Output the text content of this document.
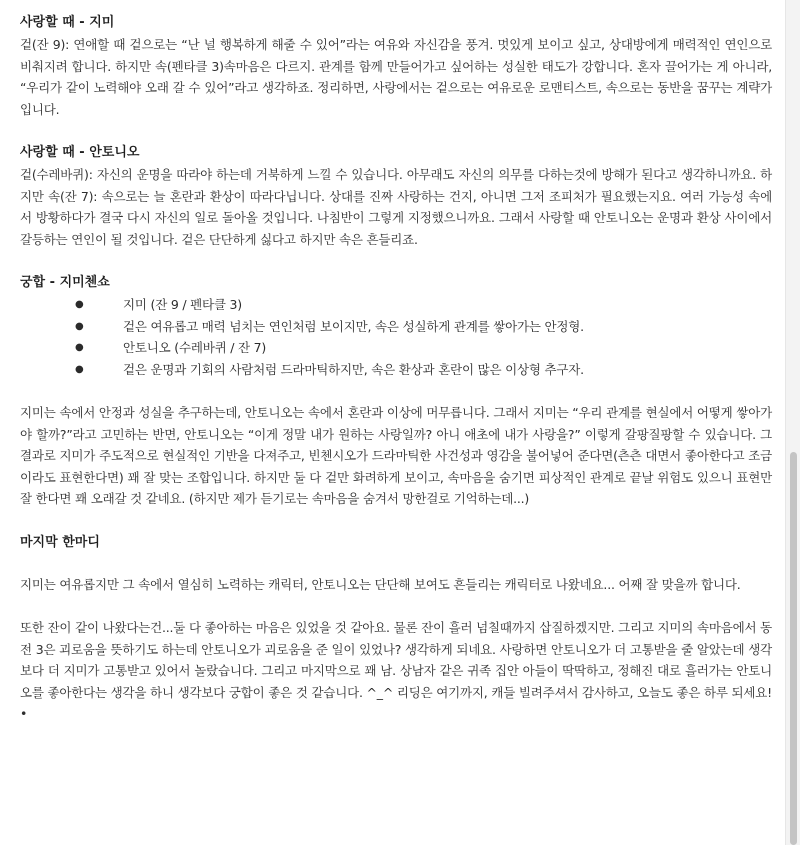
사랑할 때 - 지미

겉(잔 9): 연애할 때 겉으로는 “난 널 행복하게 해줄 수 있어”라는 여유와 자신감을 풍겨. 멋있게 보이고 싶고, 상대방에게 매력적인 연인으로 비춰지려 합니다. 하지만 속(펜타클 3)속마음은 다르지. 관계를 함께 만들어가고 싶어하는 성실한 태도가 강합니다. 혼자 끌어가는 게 아니라, “우리가 같이 노력해야 오래 갈 수 있어”라고 생각하죠. 정리하면, 사랑에서는 겉으로는 여유로운 로맨티스트, 속으로는 동반을 꿈꾸는 계략가입니다.

사랑할 때 - 안토니오

겉(수레바퀴): 자신의 운명을 따라야 하는데 거북하게 느낄 수 있습니다. 아무래도 자신의 의무를 다하는것에 방해가 된다고 생각하니까요. 하지만 속(잔 7): 속으로는 늘 혼란과 환상이 따라다닙니다. 상대를 진짜 사랑하는 건지, 아니면 그저 조피처가 필요했는지요. 여러 가능성 속에서 방황하다가 결국 다시 자신의 일로 돌아올 것입니다. 나침반이 그렇게 지정했으니까요. 그래서 사랑할 때 안토니오는 운명과 환상 사이에서 갈등하는 연인이 될 것입니다. 겉은 단단하게 싫다고 하지만 속은 흔들리죠.

궁합 - 지미첸쇼
●	지미 (잔 9 / 펜타클 3)
●	겉은 여유롭고 매력 넘치는 연인처럼 보이지만, 속은 성실하게 관계를 쌓아가는 안정형.
●	안토니오 (수레바퀴 / 잔 7)
●	겉은 운명과 기회의 사람처럼 드라마틱하지만, 속은 환상과 혼란이 많은 이상형 추구자.

지미는 속에서 안정과 성실을 추구하는데, 안토니오는 속에서 혼란과 이상에 머무릅니다. 그래서 지미는 “우리 관계를 현실에서 어떻게 쌓아가야 할까?”라고 고민하는 반면, 안토니오는 “이게 정말 내가 원하는 사랑일까? 아니 애초에 내가 사랑을?” 이렇게 갈팡질팡할 수 있습니다. 그 결과로 지미가 주도적으로 현실적인 기반을 다져주고, 빈첸시오가 드라마틱한 사건성과 영감을 불어넣어 준다면(츤츤 대면서 좋아한다고 조금이라도 표현한다면) 꽤 잘 맞는 조합입니다. 하지만 둘 다 겉만 화려하게 보이고, 속마음을 숨기면 피상적인 관계로 끝날 위험도 있으니 표현만 잘 한다면 꽤 오래갈 것 같네요. (하지만 제가 듣기로는 속마음을 숨겨서 망한걸로 기억하는데...)

마지막 한마디

지미는 여유롭지만 그 속에서 열심히 노력하는 캐릭터, 안토니오는 단단해 보여도 흔들리는 캐릭터로 나왔네요... 어째 잘 맞을까 합니다.

또한 잔이 같이 나왔다는건...둘 다 좋아하는 마음은 있었을 것 같아요. 물론 잔이 흘러 넘칠때까지 삽질하겠지만. 그리고 지미의 속마음에서 동전 3은 괴로움을 뜻하기도 하는데 안토니오가 괴로움을 준 일이 있었나? 생각하게 되네요. 사랑하면 안토니오가 더 고통받을 줄 알았는데 생각보다 더 지미가 고통받고 있어서 놀랐습니다. 그리고 마지막으로 꽤 남. 상남자 같은 귀족 집안 아들이 딱딱하고, 정해진 대로 흘러가는 안토니오를 좋아한다는 생각을 하니 생각보다 궁합이 좋은 것 같습니다. ^_^ 리딩은 여기까지, 캐들 빌려주셔서 감사하고, 오늘도 좋은 하루 되세요!•
